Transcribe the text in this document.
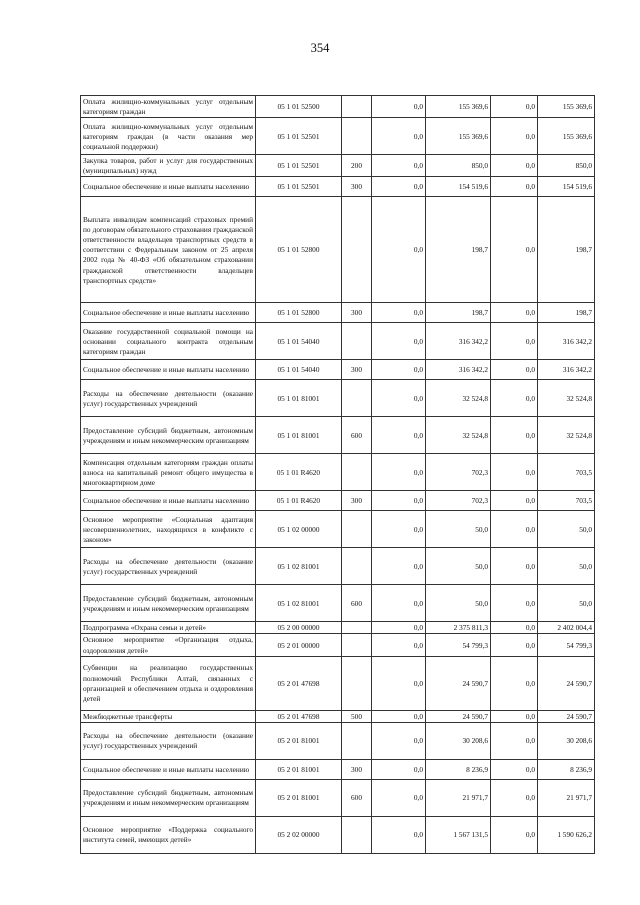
354
Оплата жилищно-коммунальных услуг отдельным категориям граждан	05 1 01 52500		0,0	155 369,6	0,0	155 369,6
Оплата жилищно-коммунальных услуг отдельным категориям граждан (в части оказания мер социальной поддержки)	05 1 01 52501		0,0	155 369,6	0,0	155 369,6
Закупка товаров, работ и услуг для государственных (муниципальных) нужд	05 1 01 52501	200	0,0	850,0	0,0	850,0
Социальное обеспечение и иные выплаты населению	05 1 01 52501	300	0,0	154 519,6	0,0	154 519,6
Выплата инвалидам компенсаций страховых премий по договорам обязательного страхования гражданской ответственности владельцев транспортных средств в соответствии с Федеральным законом от 25 апреля 2002 года № 40-ФЗ «Об обязательном страховании гражданской ответственности владельцев транспортных средств»	05 1 01 52800		0,0	198,7	0,0	198,7
Социальное обеспечение и иные выплаты населению	05 1 01 52800	300	0,0	198,7	0,0	198,7
Оказание государственной социальной помощи на основании социального контракта отдельным категориям граждан	05 1 01 54040		0,0	316 342,2	0,0	316 342,2
Социальное обеспечение и иные выплаты населению	05 1 01 54040	300	0,0	316 342,2	0,0	316 342,2
Расходы на обеспечение деятельности (оказание услуг) государственных учреждений	05 1 01 81001		0,0	32 524,8	0,0	32 524,8
Предоставление субсидий бюджетным, автономным учреждениям и иным некоммерческим организациям	05 1 01 81001	600	0,0	32 524,8	0,0	32 524,8
Компенсация отдельным категориям граждан оплаты взноса на капитальный ремонт общего имущества в многоквартирном доме	05 1 01 R4620		0,0	702,3	0,0	703,5
Социальное обеспечение и иные выплаты населению	05 1 01 R4620	300	0,0	702,3	0,0	703,5
Основное мероприятие «Социальная адаптация несовершеннолетних, находящихся в конфликте с законом»	05 1 02 00000		0,0	50,0	0,0	50,0
Расходы на обеспечение деятельности (оказание услуг) государственных учреждений	05 1 02 81001		0,0	50,0	0,0	50,0
Предоставление субсидий бюджетным, автономным учреждениям и иным некоммерческим организациям	05 1 02 81001	600	0,0	50,0	0,0	50,0
Подпрограмма «Охрана семьи и детей»	05 2 00 00000		0,0	2 375 811,3	0,0	2 402 004,4
Основное мероприятие «Организация отдыха, оздоровления детей»	05 2 01 00000		0,0	54 799,3	0,0	54 799,3
Субвенции на реализацию государственных полномочий Республики Алтай, связанных с организацией и обеспечением отдыха и оздоровления детей	05 2 01 47698		0,0	24 590,7	0,0	24 590,7
Межбюджетные трансферты	05 2 01 47698	500	0,0	24 590,7	0,0	24 590,7
Расходы на обеспечение деятельности (оказание услуг) государственных учреждений	05 2 01 81001		0,0	30 208,6	0,0	30 208,6
Социальное обеспечение и иные выплаты населению	05 2 01 81001	300	0,0	8 236,9	0,0	8 236,9
Предоставление субсидий бюджетным, автономным учреждениям и иным некоммерческим организациям	05 2 01 81001	600	0,0	21 971,7	0,0	21 971,7
Основное мероприятие «Поддержка социального института семей, имеющих детей»	05 2 02 00000		0,0	1 567 131,5	0,0	1 590 626,2
